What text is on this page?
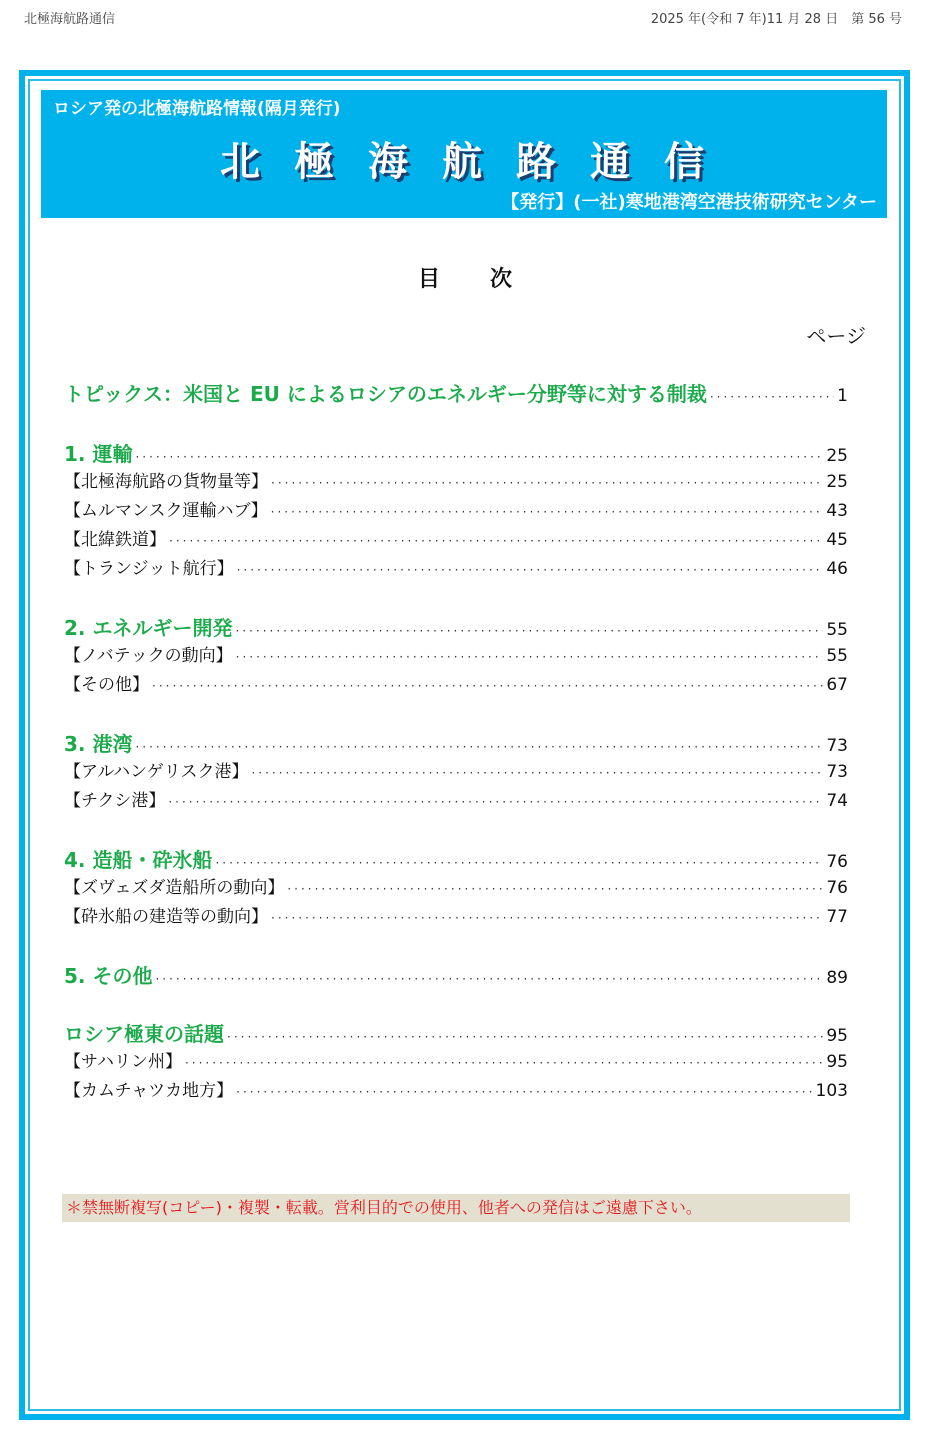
北極海航路通信	2025 年(令和 7 年)11 月 28 日　第 56 号
ロシア発の北極海航路情報(隔月発行)
北極海航路通信
【発行】(一社)寒地港湾空港技術研究センター
目次
ページ
トピックス：米国と EU によるロシアのエネルギー分野等に対する制裁 ·····	1
1. 運輸 ·····	25
【北極海航路の貨物量等】 ·····	25
【ムルマンスク運輸ハブ】 ·····	43
【北緯鉄道】 ·····	45
【トランジット航行】 ·····	46
2. エネルギー開発 ·····	55
【ノバテックの動向】 ·····	55
【その他】 ·····	67
3. 港湾 ·····	73
【アルハンゲリスク港】 ·····	73
【チクシ港】 ·····	74
4. 造船・砕氷船 ·····	76
【ズヴェズダ造船所の動向】 ·····	76
【砕氷船の建造等の動向】 ·····	77
5. その他 ·····	89
ロシア極東の話題 ·····	95
【サハリン州】 ·····	95
【カムチャツカ地方】 ·····	103
＊禁無断複写(コピー)・複製・転載。営利目的での使用、他者への発信はご遠慮下さい。
